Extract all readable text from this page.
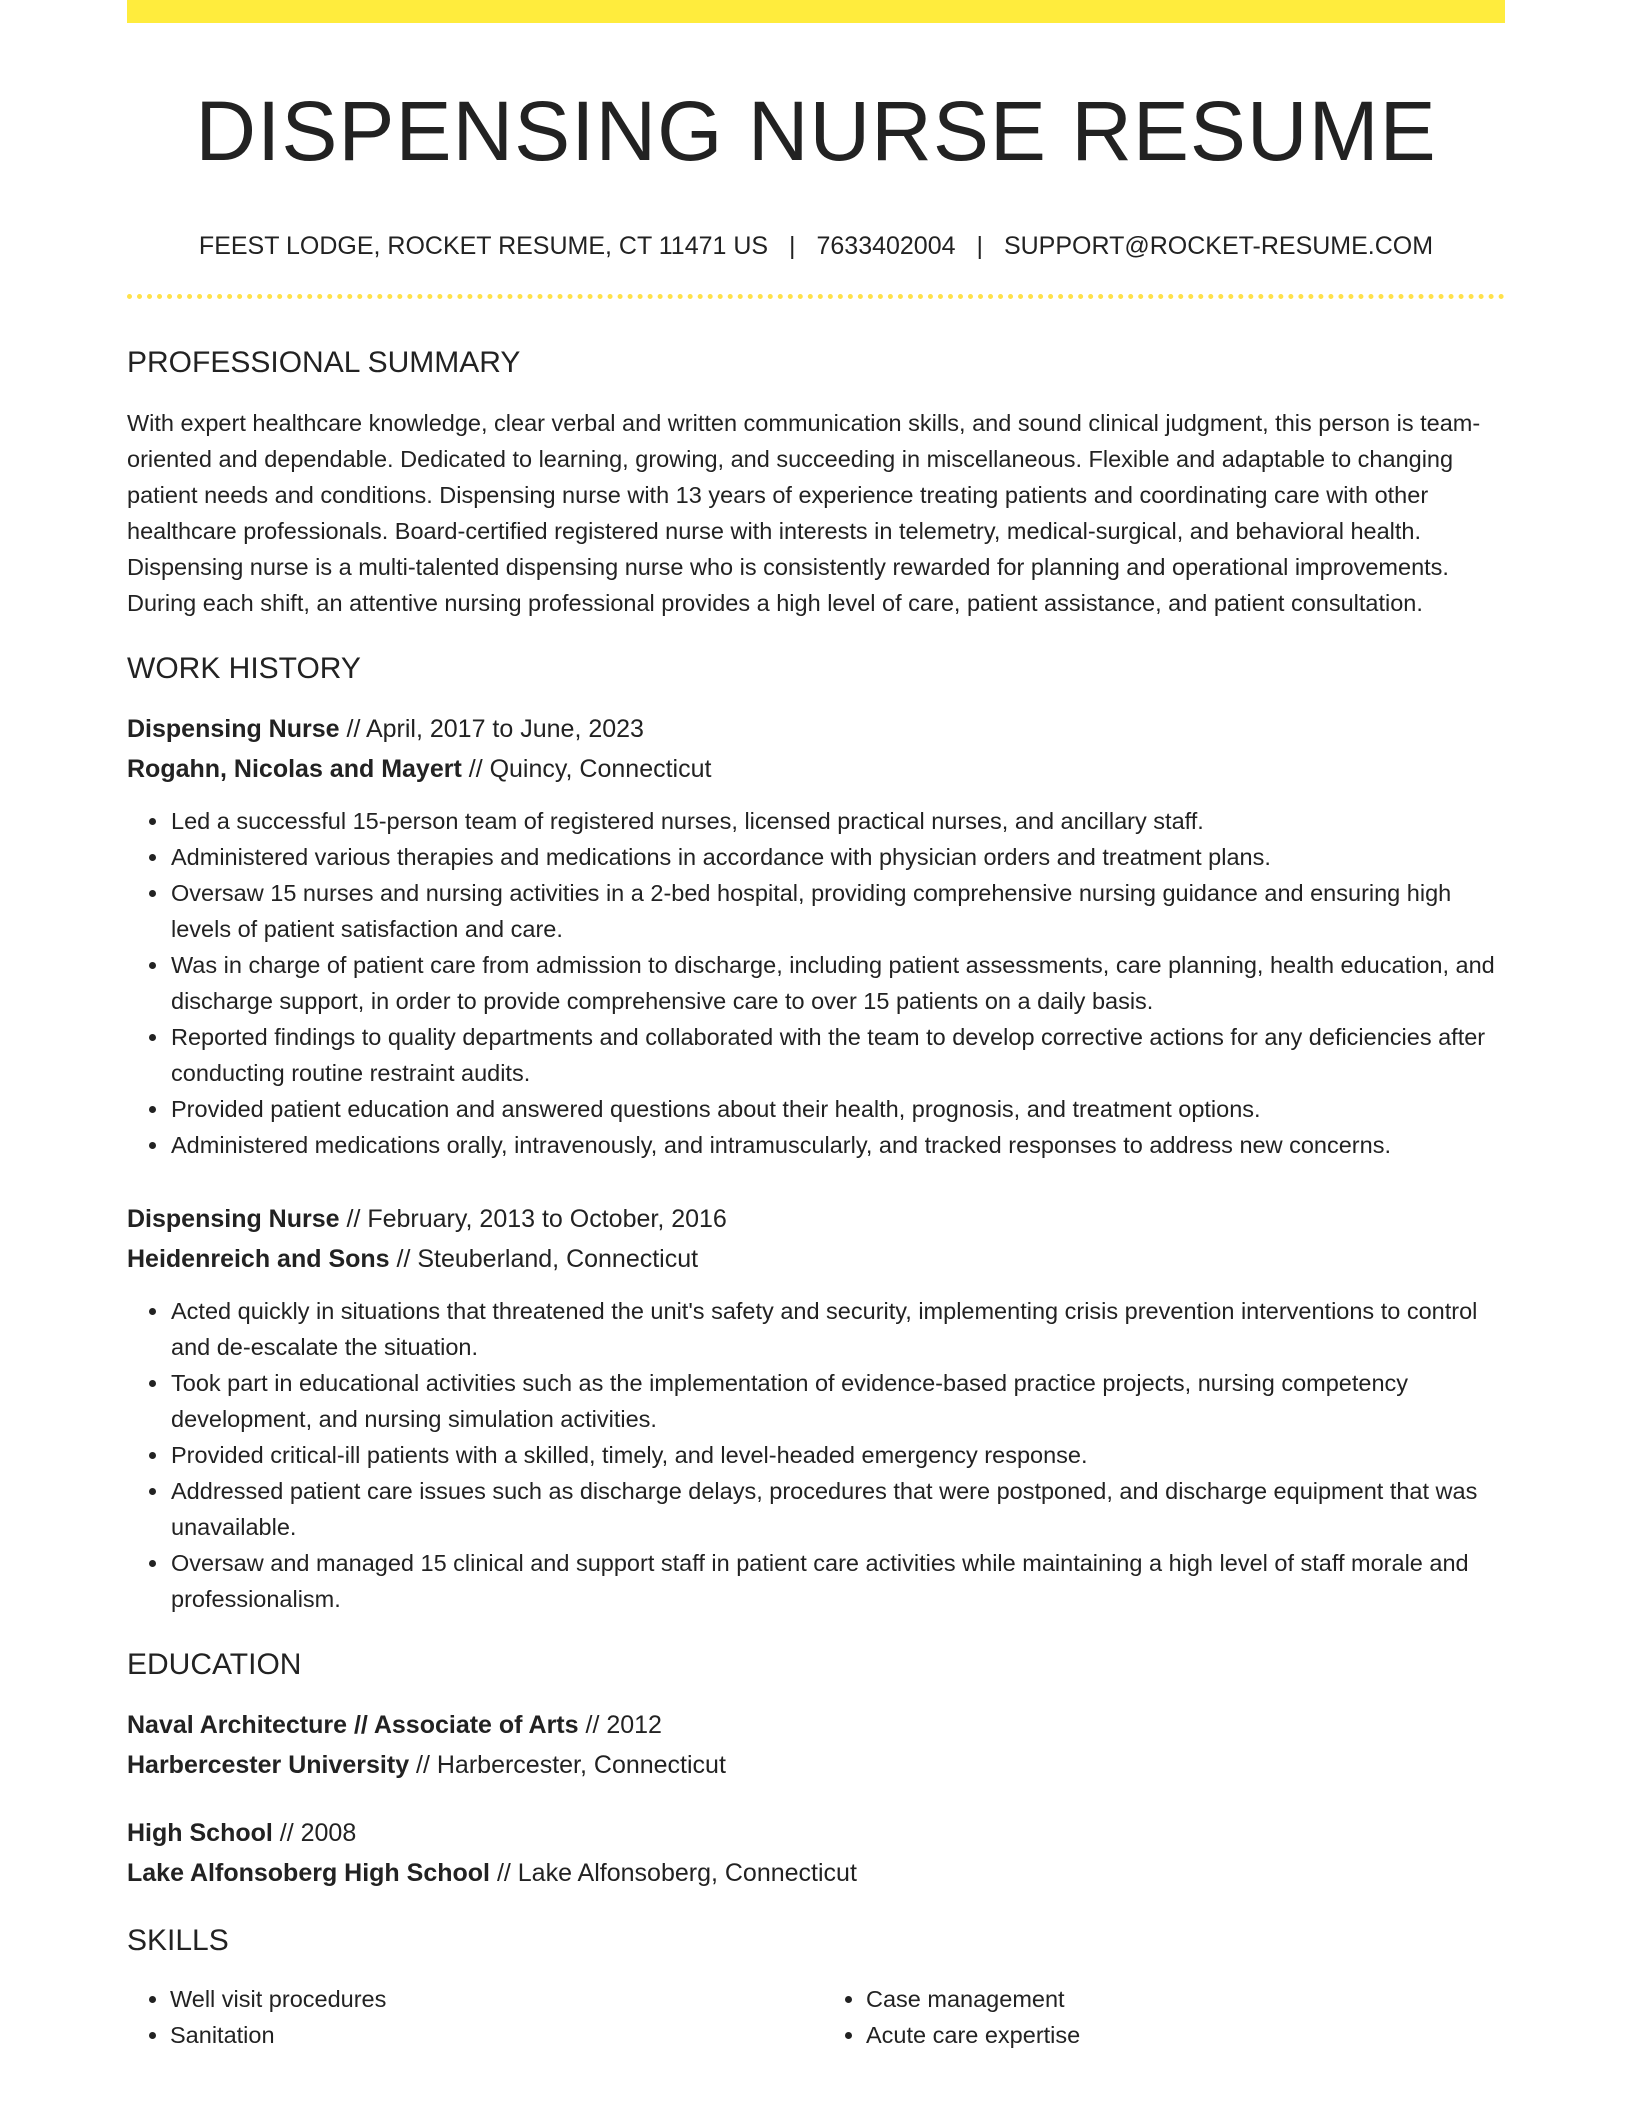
DISPENSING NURSE RESUME
FEEST LODGE, ROCKET RESUME, CT 11471 US | 7633402004 | SUPPORT@ROCKET-RESUME.COM
PROFESSIONAL SUMMARY

With expert healthcare knowledge, clear verbal and written communication skills, and sound clinical judgment, this person is team-oriented and dependable. Dedicated to learning, growing, and succeeding in miscellaneous. Flexible and adaptable to changing patient needs and conditions. Dispensing nurse with 13 years of experience treating patients and coordinating care with other healthcare professionals. Board-certified registered nurse with interests in telemetry, medical-surgical, and behavioral health. Dispensing nurse is a multi-talented dispensing nurse who is consistently rewarded for planning and operational improvements. During each shift, an attentive nursing professional provides a high level of care, patient assistance, and patient consultation.

WORK HISTORY
Dispensing Nurse // April, 2017 to June, 2023
Rogahn, Nicolas and Mayert // Quincy, Connecticut
• Led a successful 15-person team of registered nurses, licensed practical nurses, and ancillary staff.
• Administered various therapies and medications in accordance with physician orders and treatment plans.
• Oversaw 15 nurses and nursing activities in a 2-bed hospital, providing comprehensive nursing guidance and ensuring high levels of patient satisfaction and care.
• Was in charge of patient care from admission to discharge, including patient assessments, care planning, health education, and discharge support, in order to provide comprehensive care to over 15 patients on a daily basis.
• Reported findings to quality departments and collaborated with the team to develop corrective actions for any deficiencies after conducting routine restraint audits.
• Provided patient education and answered questions about their health, prognosis, and treatment options.
• Administered medications orally, intravenously, and intramuscularly, and tracked responses to address new concerns.
Dispensing Nurse // February, 2013 to October, 2016
Heidenreich and Sons // Steuberland, Connecticut
• Acted quickly in situations that threatened the unit's safety and security, implementing crisis prevention interventions to control and de-escalate the situation.
• Took part in educational activities such as the implementation of evidence-based practice projects, nursing competency development, and nursing simulation activities.
• Provided critical-ill patients with a skilled, timely, and level-headed emergency response.
• Addressed patient care issues such as discharge delays, procedures that were postponed, and discharge equipment that was unavailable.
• Oversaw and managed 15 clinical and support staff in patient care activities while maintaining a high level of staff morale and professionalism.
EDUCATION
Naval Architecture // Associate of Arts // 2012
Harbercester University // Harbercester, Connecticut
High School // 2008
Lake Alfonsoberg High School // Lake Alfonsoberg, Connecticut
SKILLS
• Well visit procedures
• Sanitation
• Case management
• Acute care expertise
